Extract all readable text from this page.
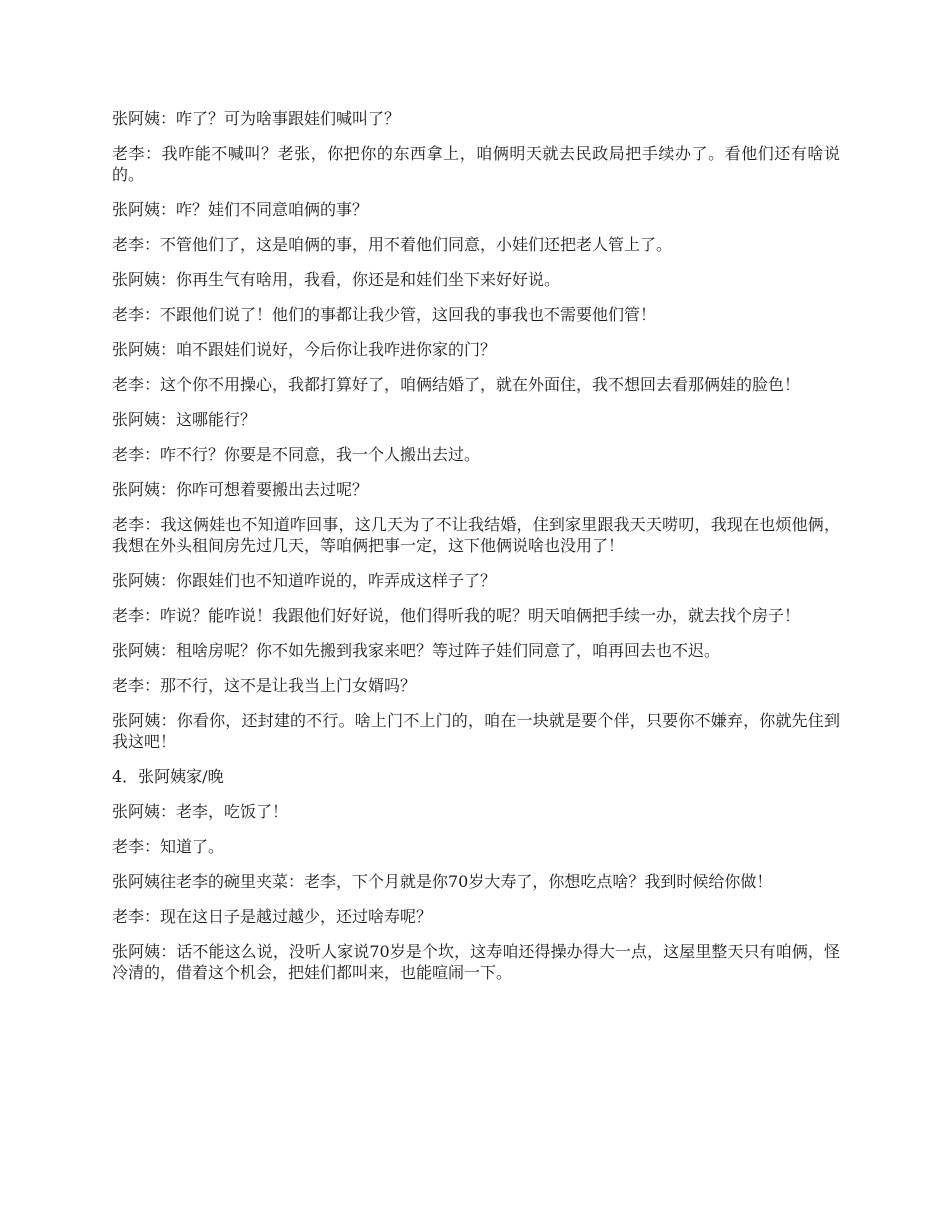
张阿姨：咋了？可为啥事跟娃们喊叫了？

老李：我咋能不喊叫？老张，你把你的东西拿上，咱俩明天就去民政局把手续办了。看他们还有啥说的。

张阿姨：咋？娃们不同意咱俩的事？

老李：不管他们了，这是咱俩的事，用不着他们同意，小娃们还把老人管上了。

张阿姨：你再生气有啥用，我看，你还是和娃们坐下来好好说。

老李：不跟他们说了！他们的事都让我少管，这回我的事我也不需要他们管！

张阿姨：咱不跟娃们说好，今后你让我咋进你家的门？

老李：这个你不用操心，我都打算好了，咱俩结婚了，就在外面住，我不想回去看那俩娃的脸色！

张阿姨：这哪能行？

老李：咋不行？你要是不同意，我一个人搬出去过。

张阿姨：你咋可想着要搬出去过呢？

老李：我这俩娃也不知道咋回事，这几天为了不让我结婚，住到家里跟我天天唠叨，我现在也烦他俩，我想在外头租间房先过几天，等咱俩把事一定，这下他俩说啥也没用了！

张阿姨：你跟娃们也不知道咋说的，咋弄成这样子了？

老李：咋说？能咋说！我跟他们好好说，他们得听我的呢？明天咱俩把手续一办，就去找个房子！

张阿姨：租啥房呢？你不如先搬到我家来吧？等过阵子娃们同意了，咱再回去也不迟。

老李：那不行，这不是让我当上门女婿吗？

张阿姨：你看你，还封建的不行。啥上门不上门的，咱在一块就是要个伴，只要你不嫌弃，你就先住到我这吧！

4．张阿姨家/晚

张阿姨：老李，吃饭了！

老李：知道了。

张阿姨往老李的碗里夹菜：老李，下个月就是你70岁大寿了，你想吃点啥？我到时候给你做！

老李：现在这日子是越过越少，还过啥寿呢？

张阿姨：话不能这么说，没听人家说70岁是个坎，这寿咱还得操办得大一点，这屋里整天只有咱俩，怪冷清的，借着这个机会，把娃们都叫来，也能喧闹一下。
